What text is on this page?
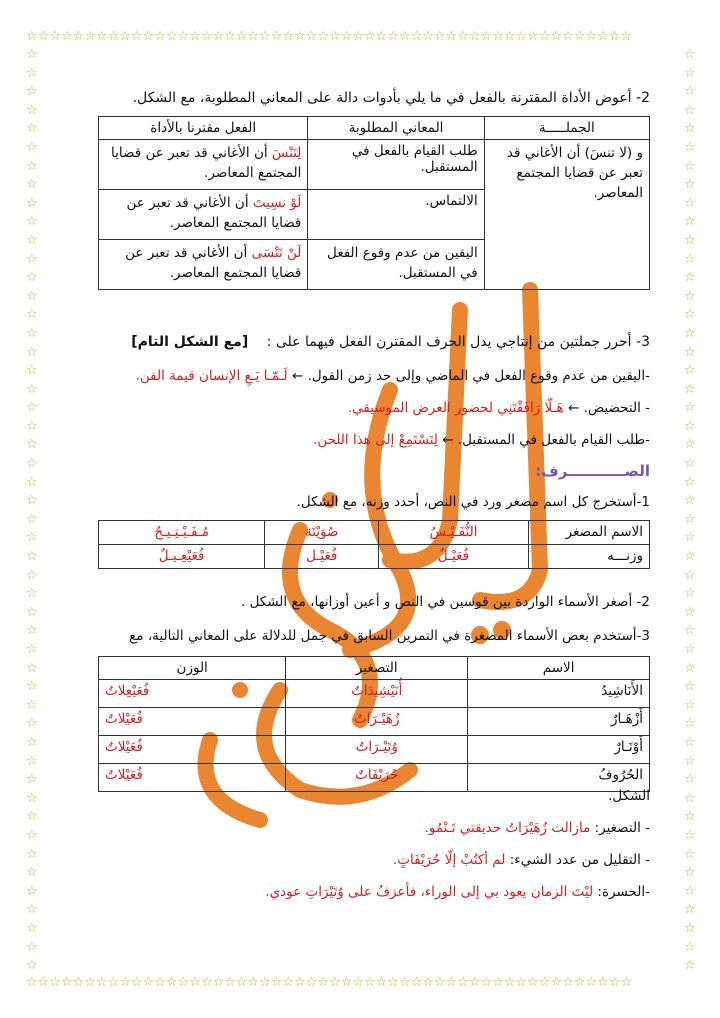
☆☆☆☆☆☆☆☆☆☆☆☆☆☆☆☆☆☆☆☆☆☆☆☆☆☆☆☆☆☆☆☆☆☆☆☆☆☆☆☆☆☆☆☆☆☆☆☆☆☆☆☆
☆☆☆☆☆☆☆☆☆☆☆☆☆☆☆☆☆☆☆☆☆☆☆☆☆☆☆☆☆☆☆☆☆☆☆☆☆☆☆☆☆☆☆☆☆☆☆☆☆☆☆☆
☆☆☆☆☆☆☆☆☆☆☆☆☆☆☆☆☆☆☆☆☆☆☆☆☆☆☆☆☆☆☆☆☆☆☆☆☆☆☆☆☆☆☆☆☆☆☆☆☆☆
☆☆☆☆☆☆☆☆☆☆☆☆☆☆☆☆☆☆☆☆☆☆☆☆☆☆☆☆☆☆☆☆☆☆☆☆☆☆☆☆☆☆☆☆☆☆☆☆☆☆
2- أعوض الأداة المقترنة بالفعل في ما يلي بأدوات دالة على المعاني المطلوبة، مع الشكل.
الجملـــــة	المعاني المطلوبة	الفعل مقترنا بالأداة
و (لا تنسَ) أن الأغاني قد تعبر عن قضايا المجتمع المعاصر.	طلب القيام بالفعل في المستقبل.	لِتَنْسَ أن الأغاني قد تعبر عن قضايا المجتمع المعاصر.
	الالتماس.	لَوْ نسِيتَ أن الأغاني قد تعبر عن قضايا المجتمع المعاصر.
	اليقين من عدم وقوع الفعل في المستقبل.	لَنْ تَنْسَى أن الأغاني قد تعبر عن قضايا المجتمع المعاصر.
3- أحرر جملتين من إنتاجي يدل الحرف المقترن الفعل فيهما على : [مع الشكل التام]
-اليقين من عدم وقوع الفعل في الماضي وإلى حد زمن القول. ← لَـمّـا يَـعِ الإنسان قيمة الفن.
- التحضيض. ← هَـلّا رَافَقْتَنِي لحضور العرض الموسيقي.
-طلب القيام بالفعل في المستقبل. ← لِتَسْتَمِعْ إلى هذا اللحن.
الصـــــــــــرف:
1-أستخرج كل اسم مصغر ورد في النص، أحدد وزنه، مع الشكل.
الاسم المصغر	النُّفَـيْـسُ	صُوَيْتَة	مُـفَـيْـتِـيـحٌ
وزنـــه	فُعَيْـلٌ	فُعَيْـل	فُعَيْعِـيـلٌ
2- أصغر الأسماء الواردة بين قوسين في النص و أعين أوزانها، مع الشكل .
3-أستخدم بعض الأسماء المصغرة في التمرين السابق في جمل للدلالة على المعاني التالية، مع
الاسم	التصغير	الوزن
الأَنَاشِيدُ	أُنَيْشِيدَاتٌ	فُعَيْعِلاتٌ
أَزْهَـارٌ	زُهَيْـرَاتٌ	فُعَيْلاتٌ
أَوْتَـارٌ	وُتَيْـرَاتٌ	فُعَيْلاتٌ
الحُرُوفُ	حُرَيْفَاتٌ	فُعَيْلاتٌ
الشكل.
- التصغير: مازالت زُهَيْرَاتُ حديقتي تَـنْمُو.
- التقليل من عدد الشيء: لم أكتُبْ إلّا حُرَيْفَاتٍ.
-الحسرة: ليْتَ الزمان يعود بي إلى الوراء، فأعزفُ على وُتَيْرَاتِ عودي.
